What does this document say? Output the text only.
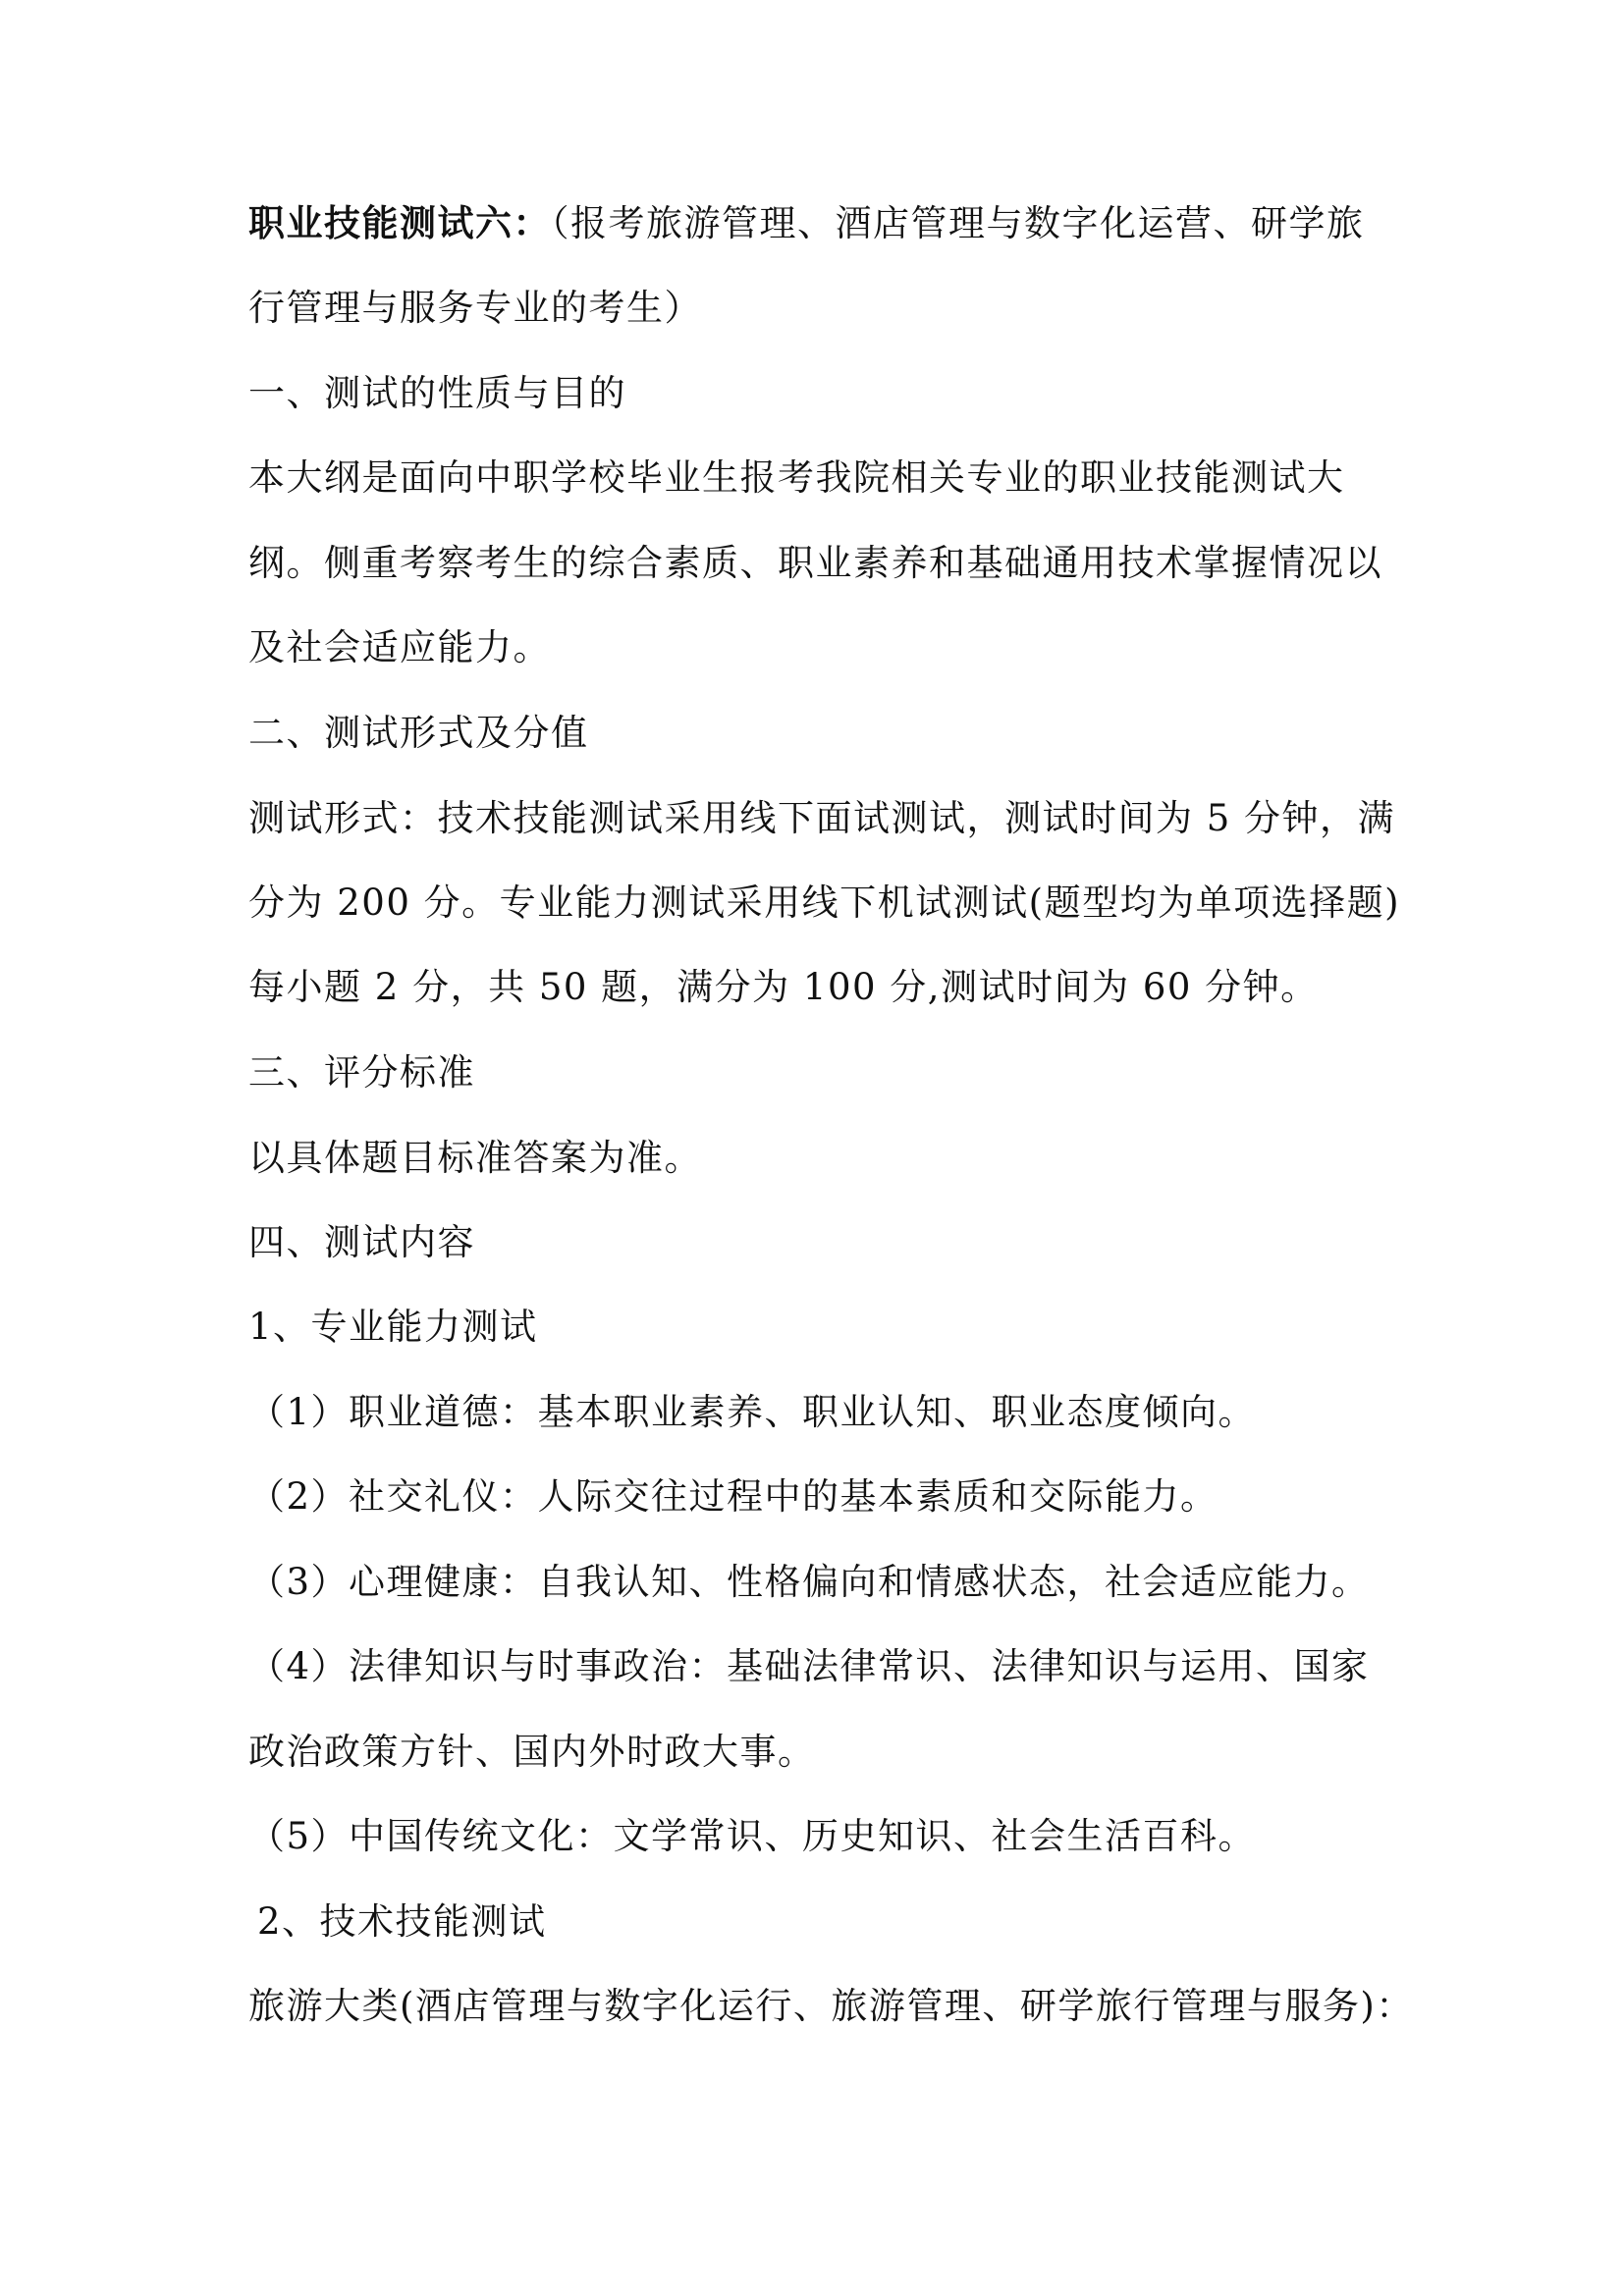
职业技能测试六：（报考旅游管理、酒店管理与数字化运营、研学旅
行管理与服务专业的考生）
一、测试的性质与目的
本大纲是面向中职学校毕业生报考我院相关专业的职业技能测试大
纲。侧重考察考生的综合素质、职业素养和基础通用技术掌握情况以
及社会适应能力。
二、测试形式及分值
测试形式：技术技能测试采用线下面试测试，测试时间为 5 分钟，满
分为 200 分。专业能力测试采用线下机试测试(题型均为单项选择题)
每小题 2 分，共 50 题，满分为 100 分,测试时间为 60 分钟。
三、评分标准
以具体题目标准答案为准。
四、测试内容
1、专业能力测试
（1）职业道德：基本职业素养、职业认知、职业态度倾向。
（2）社交礼仪：人际交往过程中的基本素质和交际能力。
（3）心理健康：自我认知、性格偏向和情感状态，社会适应能力。
（4）法律知识与时事政治：基础法律常识、法律知识与运用、国家
政治政策方针、国内外时政大事。
（5）中国传统文化：文学常识、历史知识、社会生活百科。
2、技术技能测试
旅游大类(酒店管理与数字化运行、旅游管理、研学旅行管理与服务)：
